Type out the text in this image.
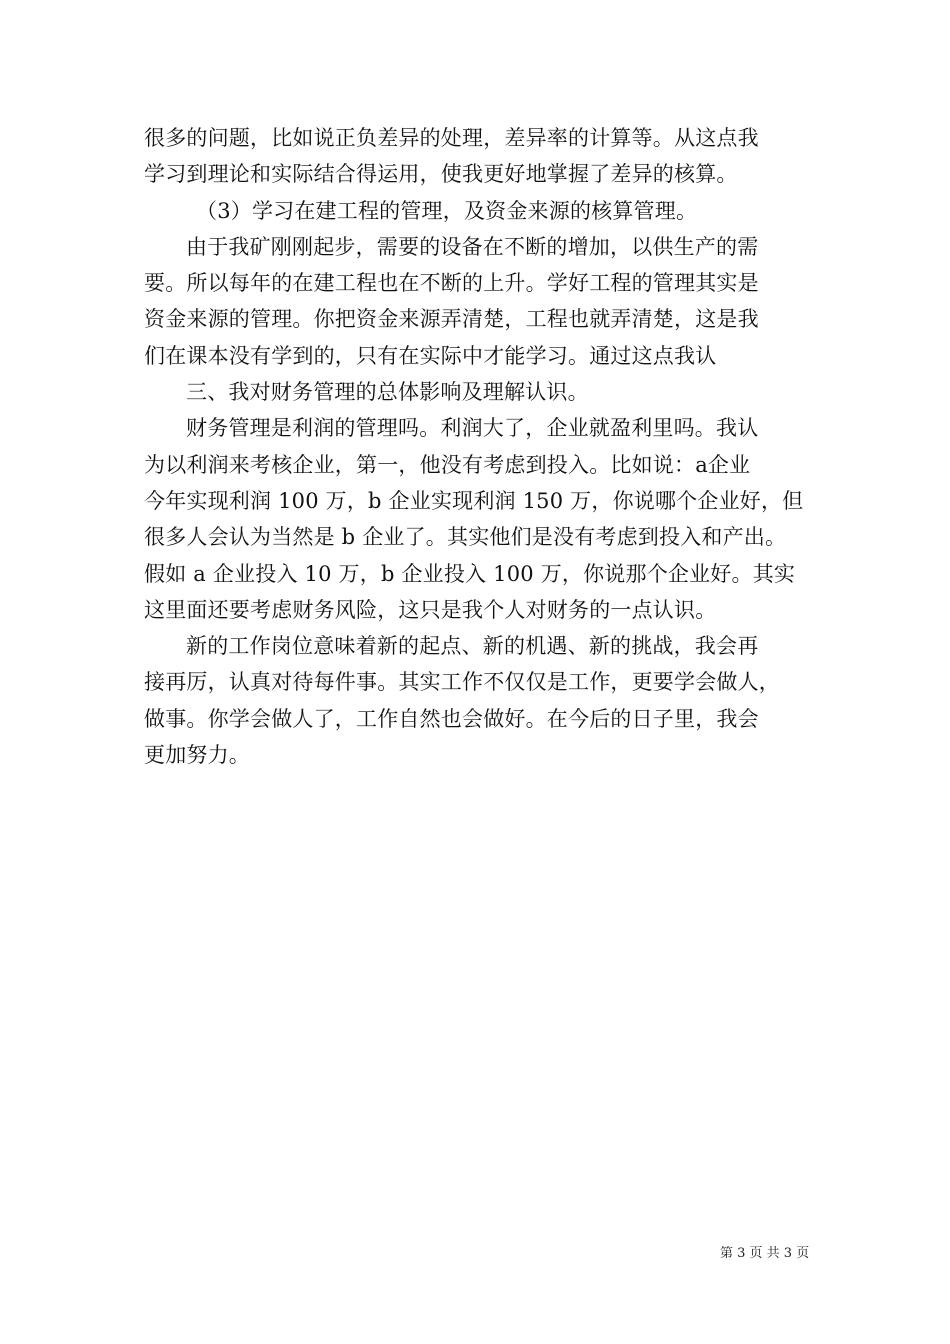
很多的问题，比如说正负差异的处理，差异率的计算等。从这点我
学习到理论和实际结合得运用，使我更好地掌握了差异的核算。
（3）学习在建工程的管理，及资金来源的核算管理。
由于我矿刚刚起步，需要的设备在不断的增加，以供生产的需
要。所以每年的在建工程也在不断的上升。学好工程的管理其实是
资金来源的管理。你把资金来源弄清楚，工程也就弄清楚，这是我
们在课本没有学到的，只有在实际中才能学习。通过这点我认
三、我对财务管理的总体影响及理解认识。
财务管理是利润的管理吗。利润大了，企业就盈利里吗。我认
为以利润来考核企业，第一，他没有考虑到投入。比如说：a企业
今年实现利润 100 万，b 企业实现利润 150 万，你说哪个企业好，但
很多人会认为当然是 b 企业了。其实他们是没有考虑到投入和产出。
假如 a 企业投入 10 万，b 企业投入 100 万，你说那个企业好。其实
这里面还要考虑财务风险，这只是我个人对财务的一点认识。
新的工作岗位意味着新的起点、新的机遇、新的挑战，我会再
接再厉，认真对待每件事。其实工作不仅仅是工作，更要学会做人，
做事。你学会做人了，工作自然也会做好。在今后的日子里，我会
更加努力。
第 3 页 共 3 页
